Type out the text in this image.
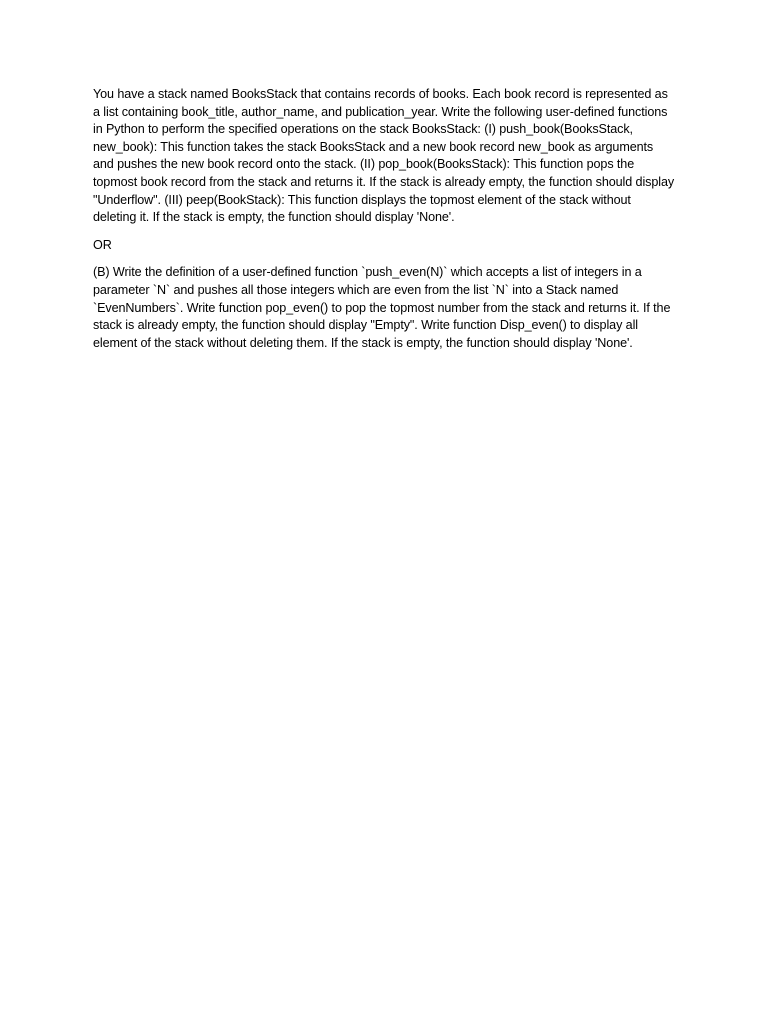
You have a stack named BooksStack that contains records of books. Each book record is represented as a list containing book_title, author_name, and publication_year. Write the following user-defined functions in Python to perform the specified operations on the stack BooksStack: (I) push_book(BooksStack, new_book): This function takes the stack BooksStack and a new book record new_book as arguments and pushes the new book record onto the stack. (II) pop_book(BooksStack): This function pops the topmost book record from the stack and returns it. If the stack is already empty, the function should display "Underflow". (III) peep(BookStack): This function displays the topmost element of the stack without deleting it. If the stack is empty, the function should display 'None'.

OR

(B) Write the definition of a user-defined function `push_even(N)` which accepts a list of integers in a parameter `N` and pushes all those integers which are even from the list `N` into a Stack named `EvenNumbers`. Write function pop_even() to pop the topmost number from the stack and returns it. If the stack is already empty, the function should display "Empty". Write function Disp_even() to display all element of the stack without deleting them. If the stack is empty, the function should display 'None'.
